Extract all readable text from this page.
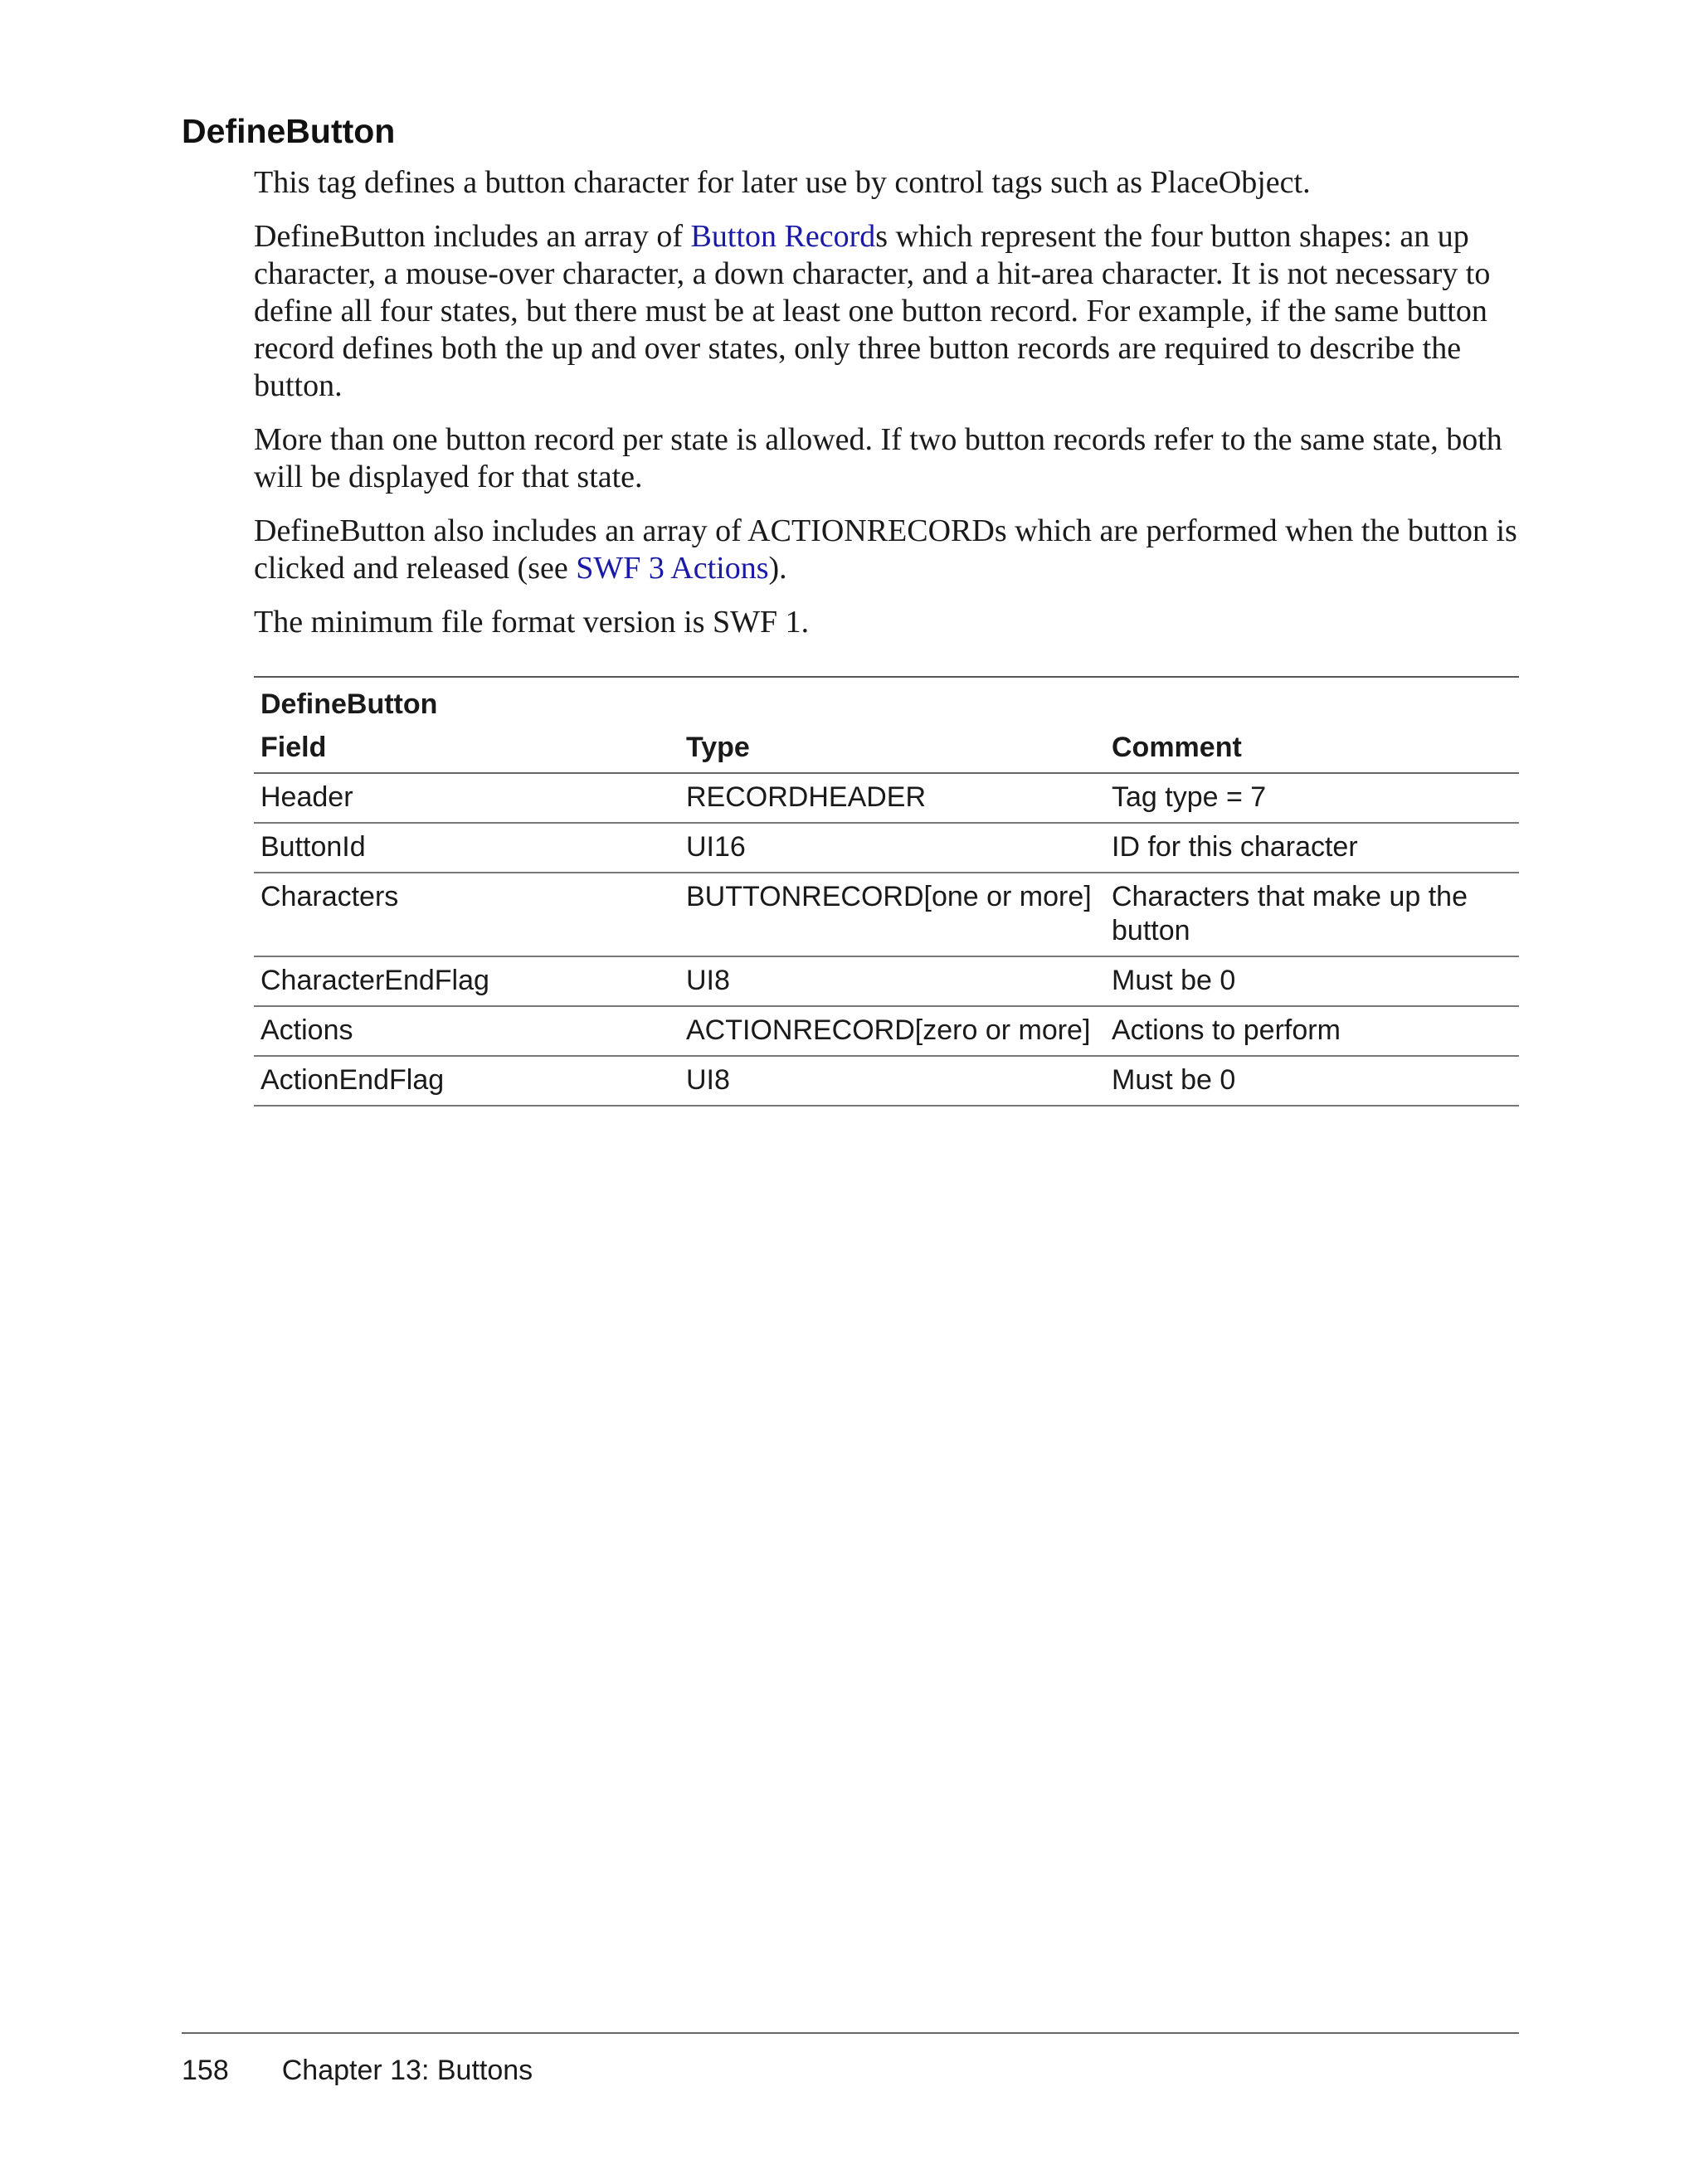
DefineButton

This tag defines a button character for later use by control tags such as PlaceObject.

DefineButton includes an array of Button Records which represent the four button shapes: an up character, a mouse-over character, a down character, and a hit-area character. It is not necessary to define all four states, but there must be at least one button record. For example, if the same button record defines both the up and over states, only three button records are required to describe the button.

More than one button record per state is allowed. If two button records refer to the same state, both will be displayed for that state.

DefineButton also includes an array of ACTIONRECORDs which are performed when the button is clicked and released (see SWF 3 Actions).

The minimum file format version is SWF 1.

DefineButton
Field	Type	Comment
Header	RECORDHEADER	Tag type = 7
ButtonId	UI16	ID for this character
Characters	BUTTONRECORD[one or more]	Characters that make up the button
CharacterEndFlag	UI8	Must be 0
Actions	ACTIONRECORD[zero or more]	Actions to perform
ActionEndFlag	UI8	Must be 0
158 Chapter 13: Buttons
